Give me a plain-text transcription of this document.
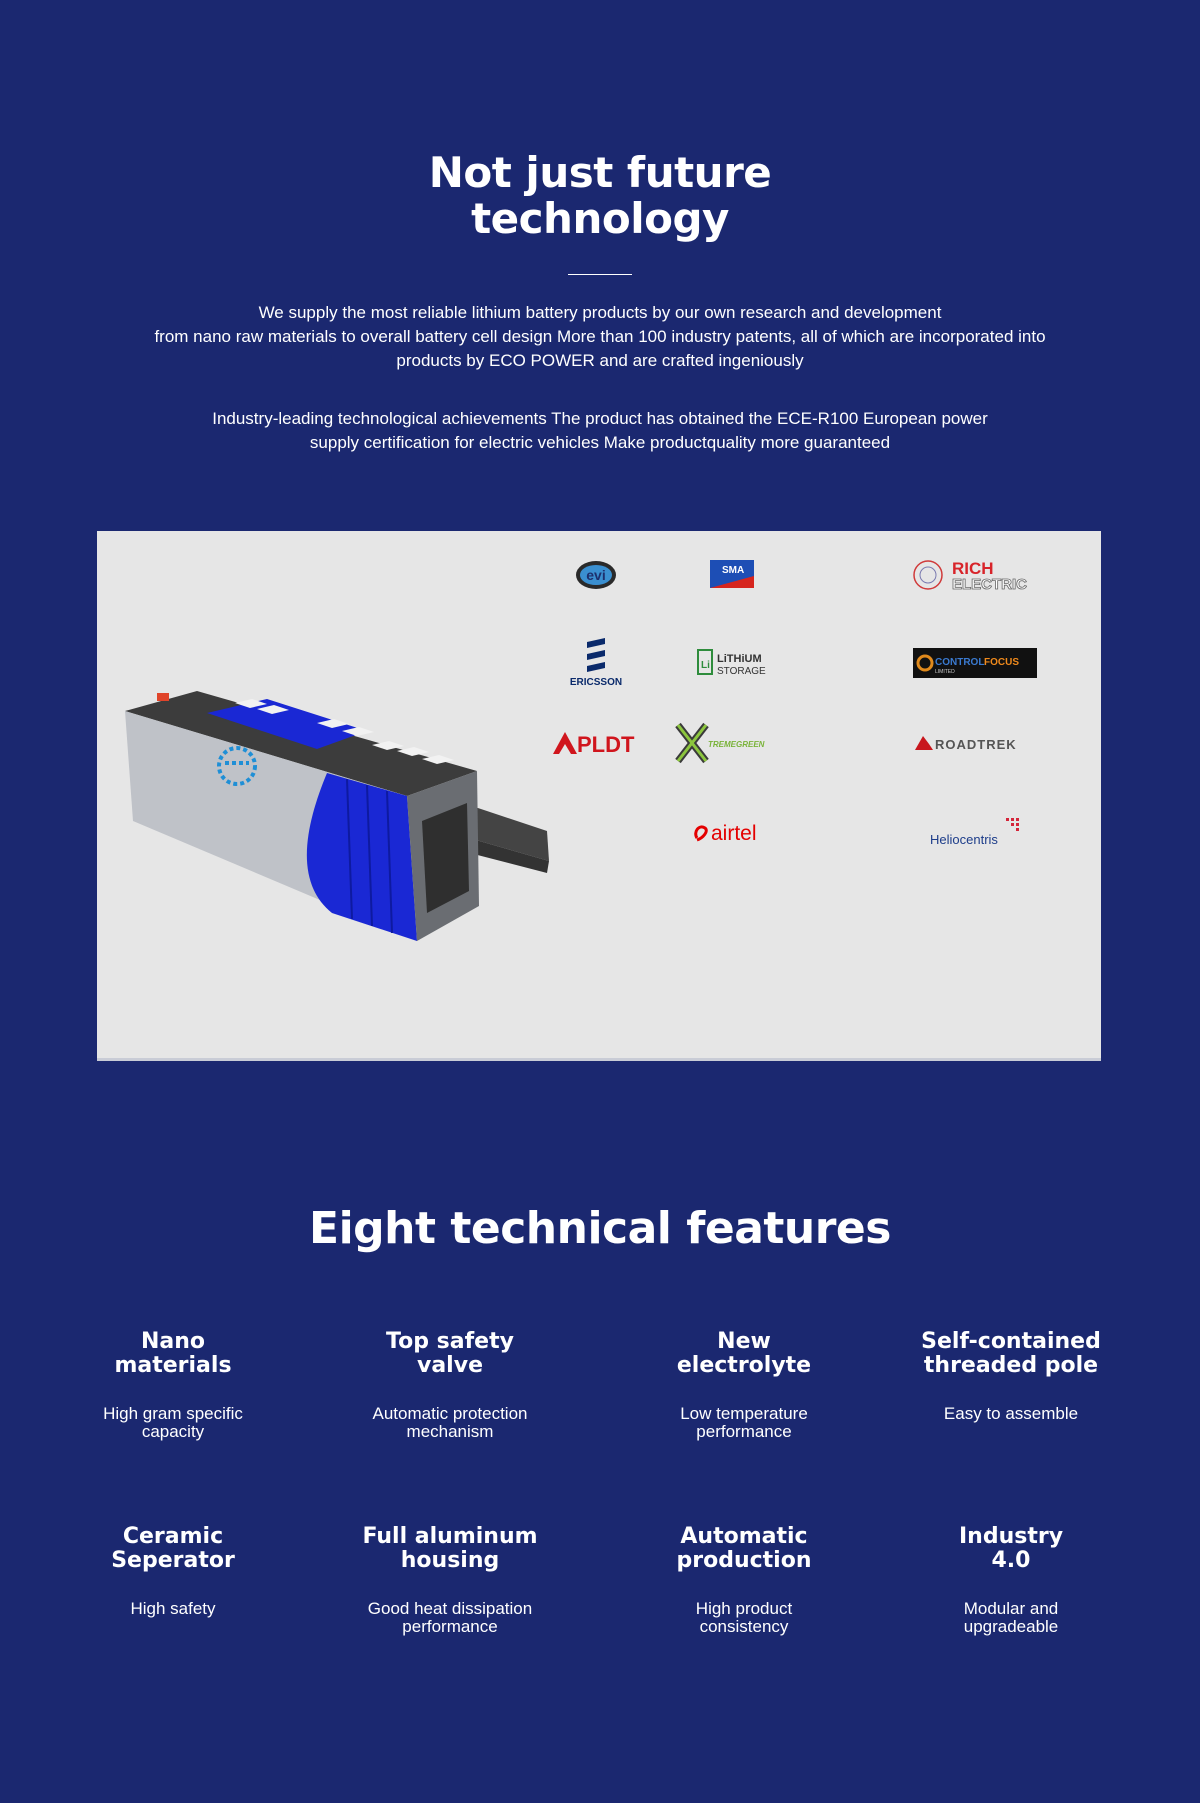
Not just future
technology
We supply the most reliable lithium battery products by our own research and development
from nano raw materials to overall battery cell design More than 100 industry patents, all of which are incorporated into
products by ECO POWER and are crafted ingeniously
Industry-leading technological achievements The product has obtained the ECE-R100 European power
supply certification for electric vehicles Make productquality more guaranteed
evi	SMA	RICH
ELECTRIC
ERICSSON
Li
LiTHiUM
STORAGE
CONTROL FOCUS
LIMITED
PLDT	TREMEGREEN	ROADTREK
airtel	Heliocentris
Eight technical features
Nano
materials
High gram specific
capacity
Top safety
valve
Automatic protection
mechanism
New
electrolyte
Low temperature
performance
Self-contained
threaded pole
Easy to assemble
Ceramic
Seperator
High safety
Full aluminum
housing
Good heat dissipation
performance
Automatic
production
High product
consistency
Industry
4.0
Modular and
upgradeable
